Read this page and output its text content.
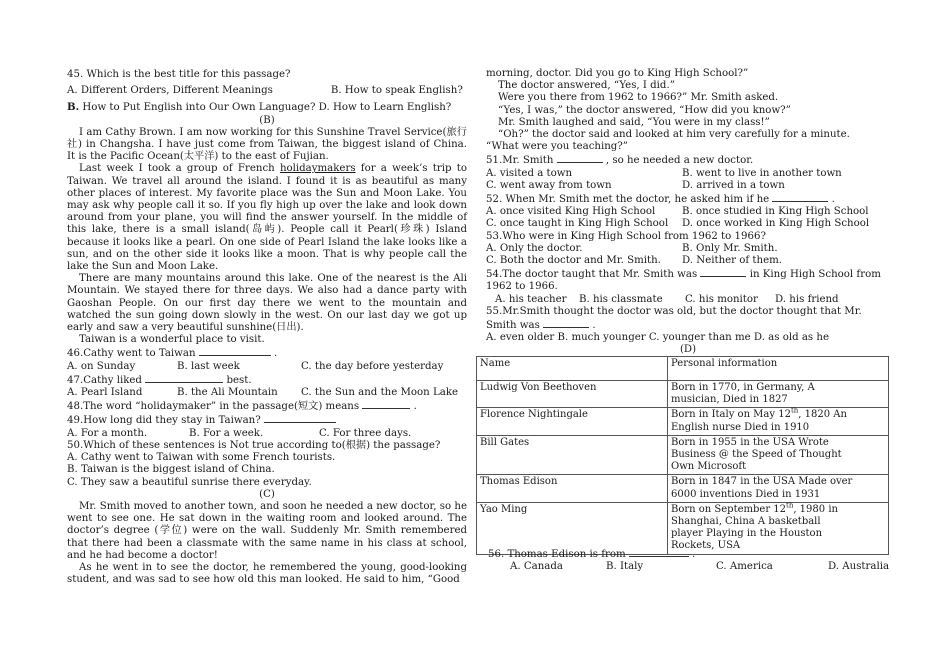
45. Which is the best title for this passage?

A. Different Orders, Different Meanings	B. How to speak English?

B. How to Put English into Our Own Language? D. How to Learn English?

(B)

I am Cathy Brown. I am now working for this Sunshine Travel Service(旅行社) in Changsha. I have just come from Taiwan, the biggest island of China. It is the Pacific Ocean(太平洋) to the east of Fujian.

Last week I took a group of French holidaymakers for a week’s trip to Taiwan. We travel all around the island. I found it is as beautiful as many other places of interest. My favorite place was the Sun and Moon Lake. You may ask why people call it so. If you fly high up over the lake and look down around from your plane, you will find the answer yourself. In the middle of this lake, there is a small island(岛屿). People call it Pearl(珍珠) Island because it looks like a pearl. On one side of Pearl Island the lake looks like a sun, and on the other side it looks like a moon. That is why people call the lake the Sun and Moon Lake.

There are many mountains around this lake. One of the nearest is the Ali Mountain. We stayed there for three days. We also had a dance party with Gaoshan People. On our first day there we went to the mountain and watched the sun going down slowly in the west. On our last day we got up early and saw a very beautiful sunshine(日出).

Taiwan is a wonderful place to visit.

46.Cathy went to Taiwan	.

A. on Sunday	B. last week	C. the day before yesterday

47.Cathy liked	best.

A. Pearl Island	B. the Ali Mountain C. the Sun and the Moon Lake

48.The word “holidaymaker” in the passage(短文) means	.

49.How long did they stay in Taiwan?

A. For a month.	B. For a week.	C. For three days.

50.Which of these sentences is Not true according to(根据) the passage?

A. Cathy went to Taiwan with some French tourists.

B. Taiwan is the biggest island of China.

C. They saw a beautiful sunrise there everyday.

(C)

Mr. Smith moved to another town, and soon he needed a new doctor, so he went to see one. He sat down in the waiting room and looked around. The doctor’s degree (学位) were on the wall. Suddenly Mr. Smith remembered that there had been a classmate with the same name in his class at school, and he had become a doctor!

As he went in to see the doctor, he remembered the young, good-looking student, and was sad to see how old this man looked. He said to him, “Good

morning, doctor. Did you go to King High School?”

The doctor answered, “Yes, I did.”

Were you there from 1962 to 1966?” Mr. Smith asked.

“Yes, I was,” the doctor answered, “How did you know?”

Mr. Smith laughed and said, “You were in my class!”

“Oh?” the doctor said and looked at him very carefully for a minute.

“What were you teaching?”

51.Mr. Smith	, so he needed a new doctor.

A. visited a town	B. went to live in another town

C. went away from town	D. arrived in a town

52. When Mr. Smith met the doctor, he asked him if he	.

A. once visited King High School	B. once studied in King High School

C. once taught in King High School D. once worked in King High School

53.Who were in King High School from 1962 to 1966?

A. Only the doctor.	B. Only Mr. Smith.

C. Both the doctor and Mr. Smith. D. Neither of them.

54.The doctor taught that Mr. Smith was	in King High School from

1962 to 1966.

A. his teacher B. his classmate C. his monitor D. his friend

55.Mr.Smith thought the doctor was old, but the doctor thought that Mr.

Smith was	.

A. even older B. much younger C. younger than me D. as old as he

(D)

Name	Personal information
Ludwig Von Beethoven	Born in 1770, in Germany, A
musician, Died in 1827

Florence Nightingale	Born in Italy on May 12th, 1820 An
English nurse Died in 1910

Bill Gates	Born in 1955 in the USA Wrote
Business @ the Speed of Thought
Own Microsoft

Thomas Edison	Born in 1847 in the USA Made over
6000 inventions Died in 1931

Yao Ming	Born on September 12th, 1980 in
Shanghai, China A basketball
player Playing in the Houston
Rockets, USA

56. Thomas Edison is from	.

A. Canada	B. Italy	C. America	D. Australia
